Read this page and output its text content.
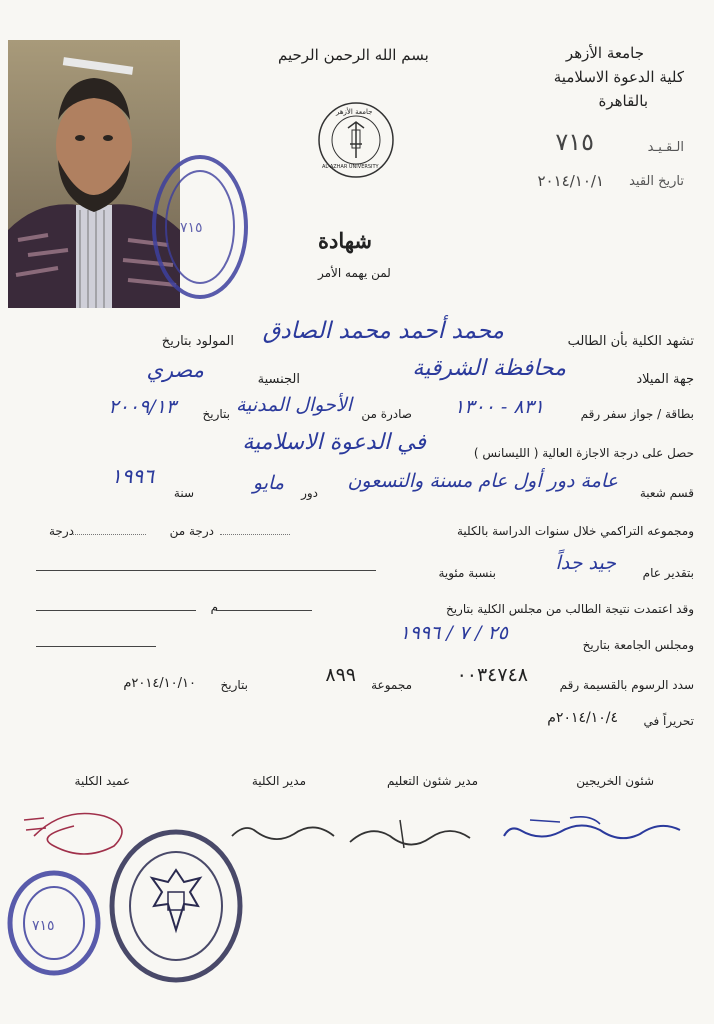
٧١٥
جامعة الأزهر
كلية الدعوة الاسلامية
بالقاهرة
الـقـيـد
٧١٥
تاريخ القيد
٢٠١٤/١٠/١
بسم الله الرحمن الرحيم
جامعة الأزهر
AL-AZHAR UNIVERSITY
شهادة
لمن يهمه الأمر
تشهد الكلية بأن الطالب
محمد أحمد محمد الصادق
المولود بتاريخ
جهة الميلاد
محافظة الشرقية
الجنسية
مصري
بطاقة / جواز سفر رقم
٨٣١ - ١٣٠٠
صادرة من
الأحوال المدنية
بتاريخ
٢٠٠٩/١٣
حصل على درجة الاجازة العالية ( الليسانس )
في الدعوة الاسلامية
قسم شعبة
عامة دور أول عام مسنة والتسعون
دور
مايو
سنة
١٩٩٦
ومجموعه التراكمي خلال سنوات الدراسة بالكلية
درجة من
درجة
بتقدير عام
جيد جداً
بنسبة مئوية
وقد اعتمدت نتيجة الطالب من مجلس الكلية بتاريخ
م
ومجلس الجامعة بتاريخ
٢٥ / ٧ / ١٩٩٦
سدد الرسوم بالقسيمة رقم
٠٠٣٤٧٤٨
مجموعة
٨٩٩
بتاريخ
٢٠١٤/١٠/١٠م
تحريراً في
٢٠١٤/١٠/٤م
شئون الخريجين
مدير شئون التعليم
مدير الكلية
عميد الكلية
٧١٥
